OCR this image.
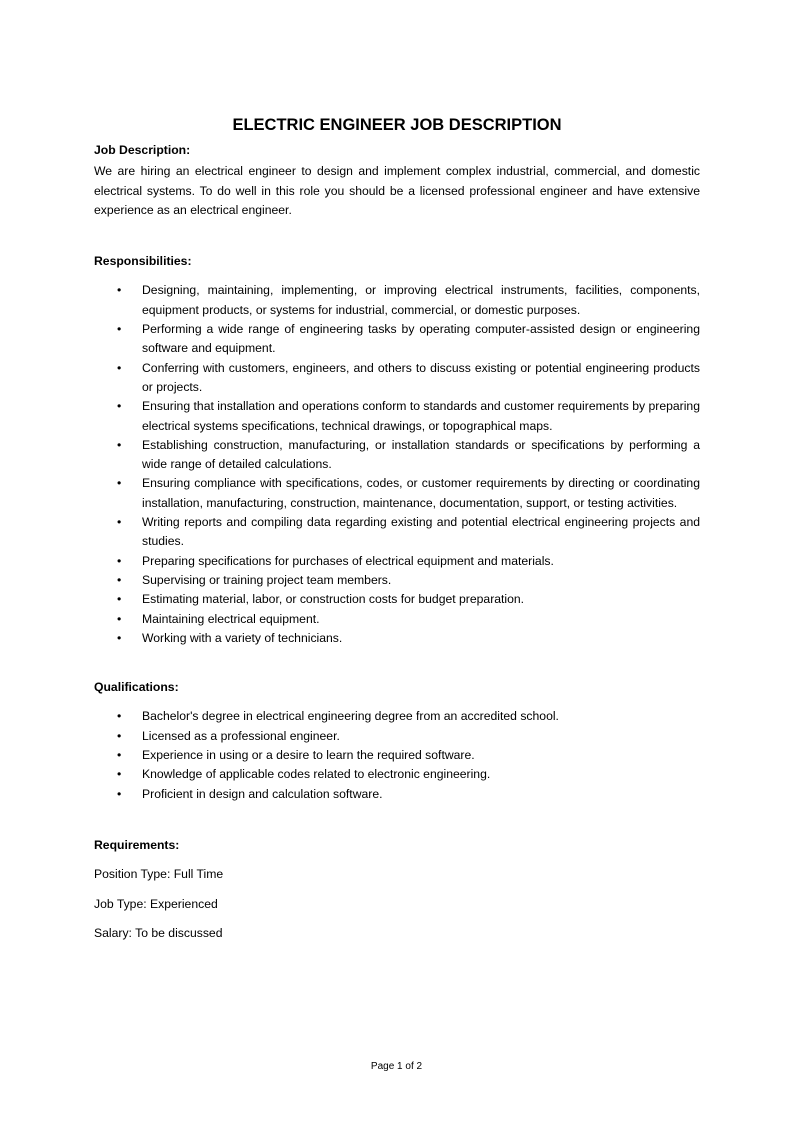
ELECTRIC ENGINEER JOB DESCRIPTION

Job Description:

We are hiring an electrical engineer to design and implement complex industrial, commercial, and domestic electrical systems. To do well in this role you should be a licensed professional engineer and have extensive experience as an electrical engineer.

Responsibilities:

• Designing, maintaining, implementing, or improving electrical instruments, facilities, components, equipment products, or systems for industrial, commercial, or domestic purposes.
• Performing a wide range of engineering tasks by operating computer-assisted design or engineering software and equipment.
• Conferring with customers, engineers, and others to discuss existing or potential engineering products or projects.
• Ensuring that installation and operations conform to standards and customer requirements by preparing electrical systems specifications, technical drawings, or topographical maps.
• Establishing construction, manufacturing, or installation standards or specifications by performing a wide range of detailed calculations.
• Ensuring compliance with specifications, codes, or customer requirements by directing or coordinating installation, manufacturing, construction, maintenance, documentation, support, or testing activities.
• Writing reports and compiling data regarding existing and potential electrical engineering projects and studies.
• Preparing specifications for purchases of electrical equipment and materials.
• Supervising or training project team members.
• Estimating material, labor, or construction costs for budget preparation.
• Maintaining electrical equipment.
• Working with a variety of technicians.

Qualifications:

• Bachelor's degree in electrical engineering degree from an accredited school.
• Licensed as a professional engineer.
• Experience in using or a desire to learn the required software.
• Knowledge of applicable codes related to electronic engineering.
• Proficient in design and calculation software.

Requirements:

Position Type: Full Time

Job Type: Experienced

Salary: To be discussed

Page 1 of 2
